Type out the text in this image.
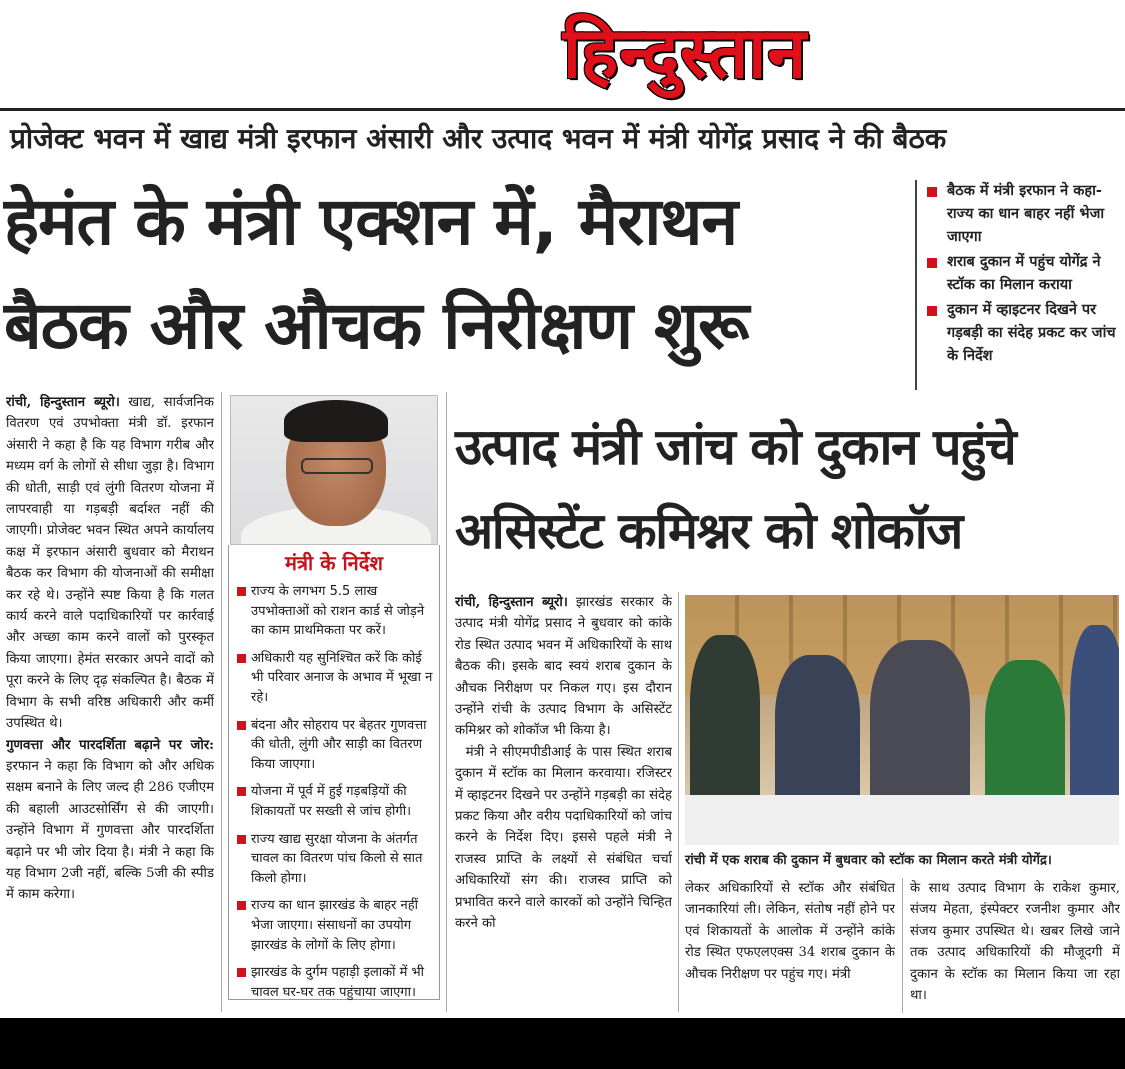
हिन्दुस्तान
प्रोजेक्ट भवन में खाद्य मंत्री इरफान अंसारी और उत्पाद भवन में मंत्री योगेंद्र प्रसाद ने की बैठक
हेमंत के मंत्री एक्शन में, मैराथन
बैठक और औचक निरीक्षण शुरू
बैठक में मंत्री इरफान ने कहा-राज्य का धान बाहर नहीं भेजा जाएगा
शराब दुकान में पहुंच योगेंद्र ने स्टॉक का मिलान कराया
दुकान में व्हाइटनर दिखने पर गड़बड़ी का संदेह प्रकट कर जांच के निर्देश
रांची, हिन्दुस्तान ब्यूरो। खाद्य, सार्वजनिक वितरण एवं उपभोक्ता मंत्री डॉ. इरफान अंसारी ने कहा है कि यह विभाग गरीब और मध्यम वर्ग के लोगों से सीधा जुड़ा है। विभाग की धोती, साड़ी एवं लुंगी वितरण योजना में लापरवाही या गड़बड़ी बर्दाश्त नहीं की जाएगी। प्रोजेक्ट भवन स्थित अपने कार्यालय कक्ष में इरफान अंसारी बुधवार को मैराथन बैठक कर विभाग की योजनाओं की समीक्षा कर रहे थे। उन्होंने स्पष्ट किया है कि गलत कार्य करने वाले पदाधिकारियों पर कार्रवाई और अच्छा काम करने वालों को पुरस्कृत किया जाएगा। हेमंत सरकार अपने वादों को पूरा करने के लिए दृढ़ संकल्पित है। बैठक में विभाग के सभी वरिष्ठ अधिकारी और कर्मी उपस्थित थे।
गुणवत्ता और पारदर्शिता बढ़ाने पर जोर: इरफान ने कहा कि विभाग को और अधिक सक्षम बनाने के लिए जल्द ही 286 एजीएम की बहाली आउटसोर्सिंग से की जाएगी। उन्होंने विभाग में गुणवत्ता और पारदर्शिता बढ़ाने पर भी जोर दिया है। मंत्री ने कहा कि यह विभाग 2जी नहीं, बल्कि 5जी की स्पीड में काम करेगा।
मंत्री के निर्देश
राज्य के लगभग 5.5 लाख उपभोक्ताओं को राशन कार्ड से जोड़ने का काम प्राथमिकता पर करें।
अधिकारी यह सुनिश्चित करें कि कोई भी परिवार अनाज के अभाव में भूखा न रहे।
बंदना और सोहराय पर बेहतर गुणवत्ता की धोती, लुंगी और साड़ी का वितरण किया जाएगा।
योजना में पूर्व में हुई गड़बड़ियों की शिकायतों पर सख्ती से जांच होगी।
राज्य खाद्य सुरक्षा योजना के अंतर्गत चावल का वितरण पांच किलो से सात किलो होगा।
राज्य का धान झारखंड के बाहर नहीं भेजा जाएगा। संसाधनों का उपयोग झारखंड के लोगों के लिए होगा।
झारखंड के दुर्गम पहाड़ी इलाकों में भी चावल घर-घर तक पहुंचाया जाएगा।
उत्पाद मंत्री जांच को दुकान पहुंचे
असिस्टेंट कमिश्नर को शोकॉज
रांची, हिन्दुस्तान ब्यूरो। झारखंड सरकार के उत्पाद मंत्री योगेंद्र प्रसाद ने बुधवार को कांके रोड स्थित उत्पाद भवन में अधिकारियों के साथ बैठक की। इसके बाद स्वयं शराब दुकान के औचक निरीक्षण पर निकल गए। इस दौरान उन्होंने रांची के उत्पाद विभाग के असिस्टेंट कमिश्नर को शोकॉज भी किया है।
मंत्री ने सीएमपीडीआई के पास स्थित शराब दुकान में स्टॉक का मिलान करवाया। रजिस्टर में व्हाइटनर दिखने पर उन्होंने गड़बड़ी का संदेह प्रकट किया और वरीय पदाधिकारियों को जांच करने के निर्देश दिए। इससे पहले मंत्री ने राजस्व प्राप्ति के लक्ष्यों से संबंधित चर्चा अधिकारियों संग की। राजस्व प्राप्ति को प्रभावित करने वाले कारकों को उन्होंने चिन्हित करने को
रांची में एक शराब की दुकान में बुधवार को स्टॉक का मिलान करते मंत्री योगेंद्र।
लेकर अधिकारियों से स्टॉक और संबंधित जानकारियां ली। लेकिन, संतोष नहीं होने पर एवं शिकायतों के आलोक में उन्होंने कांके रोड स्थित एफएलएक्स 34 शराब दुकान के औचक निरीक्षण पर पहुंच गए। मंत्री
के साथ उत्पाद विभाग के राकेश कुमार, संजय मेहता, इंस्पेक्टर रजनीश कुमार और संजय कुमार उपस्थित थे। खबर लिखे जाने तक उत्पाद अधिकारियों की मौजूदगी में दुकान के स्टॉक का मिलान किया जा रहा था।
